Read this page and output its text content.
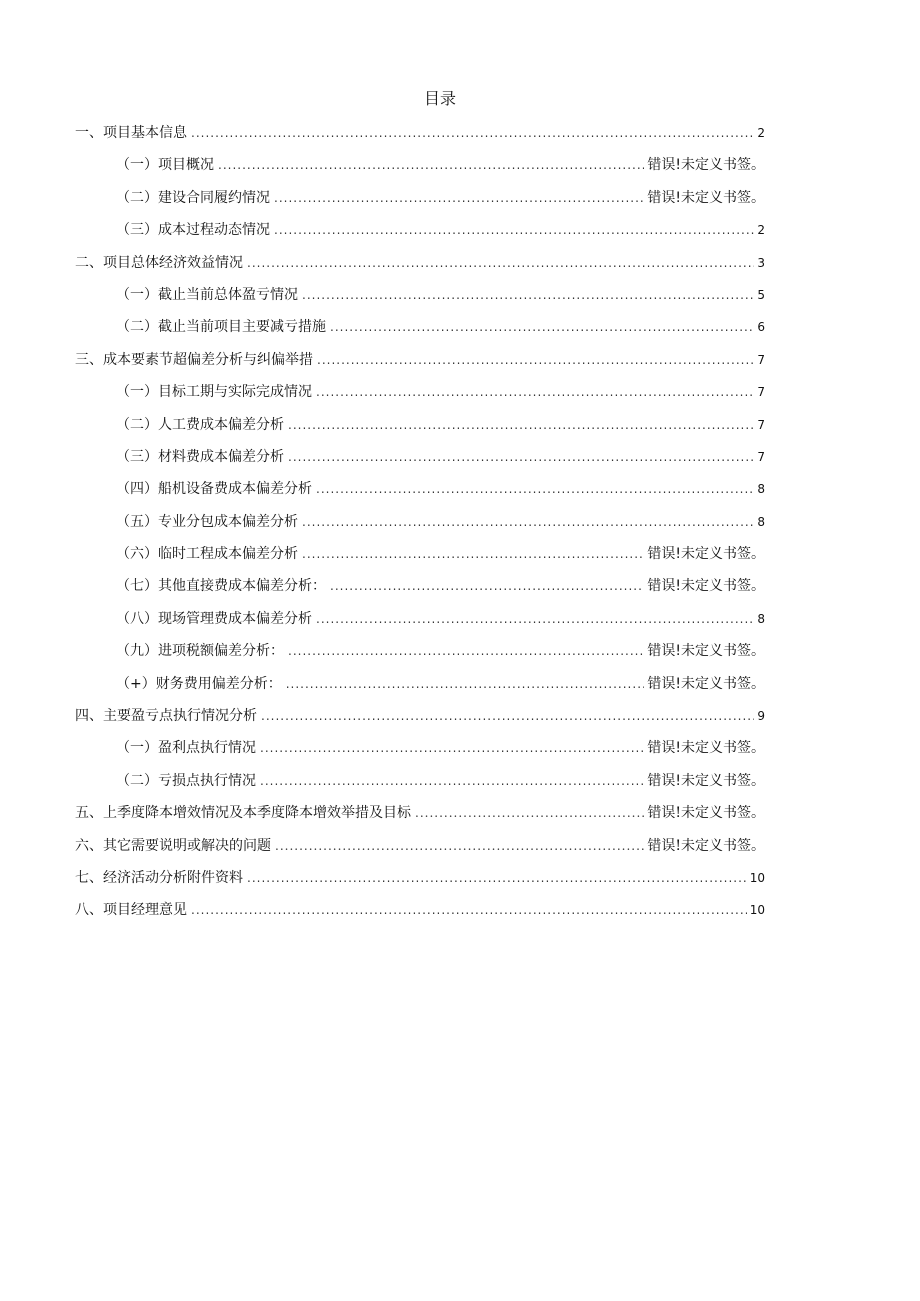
目录
一、项目基本信息 .....	2
（一）项目概况 .....	错误!未定义书签。
（二）建设合同履约情况 .....	错误!未定义书签。
（三）成本过程动态情况 .....	2
二、项目总体经济效益情况 .....	3
（一）截止当前总体盈亏情况 .....	5
（二）截止当前项目主要减亏措施 .....	6
三、成本要素节超偏差分析与纠偏举措 .....	7
（一）目标工期与实际完成情况 .....	7
（二）人工费成本偏差分析 .....	7
（三）材料费成本偏差分析 .....	7
（四）船机设备费成本偏差分析 .....	8
（五）专业分包成本偏差分析 .....	8
（六）临时工程成本偏差分析 .....	错误!未定义书签。
（七）其他直接费成本偏差分析： .....	错误!未定义书签。
（八）现场管理费成本偏差分析 .....	8
（九）进项税额偏差分析： .....	错误!未定义书签。
（+）财务费用偏差分析： .....	错误!未定义书签。
四、主要盈亏点执行情况分析 .....	9
（一）盈利点执行情况 .....	错误!未定义书签。
（二）亏损点执行情况 .....	错误!未定义书签。
五、上季度降本增效情况及本季度降本增效举措及目标 .....	错误!未定义书签。
六、其它需要说明或解决的问题 .....	错误!未定义书签。
七、经济活动分析附件资料 .....	10
八、项目经理意见 .....	10
